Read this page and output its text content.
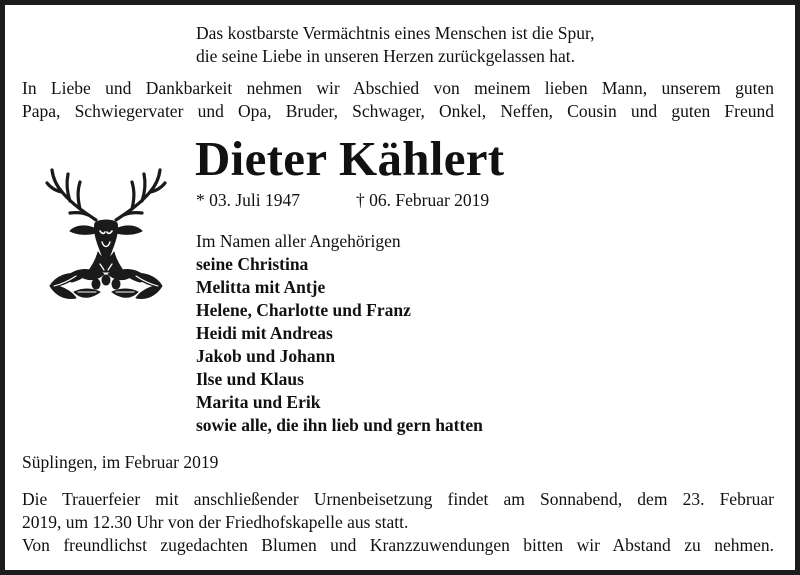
Das kostbarste Vermächtnis eines Menschen ist die Spur,
die seine Liebe in unseren Herzen zurückgelassen hat.
In Liebe und Dankbarkeit nehmen wir Abschied von meinem lieben Mann, unserem guten
Papa, Schwiegervater und Opa, Bruder, Schwager, Onkel, Neffen, Cousin und guten Freund
Dieter Kählert
* 03. Juli 1947	† 06. Februar 2019
Im Namen aller Angehörigen
seine Christina
Melitta mit Antje
Helene, Charlotte und Franz
Heidi mit Andreas
Jakob und Johann
Ilse und Klaus
Marita und Erik
sowie alle, die ihn lieb und gern hatten
Süplingen, im Februar 2019
Die Trauerfeier mit anschließender Urnenbeisetzung findet am Sonnabend, dem 23. Februar
2019, um 12.30 Uhr von der Friedhofskapelle aus statt.
Von freundlichst zugedachten Blumen und Kranzzuwendungen bitten wir Abstand zu nehmen.
